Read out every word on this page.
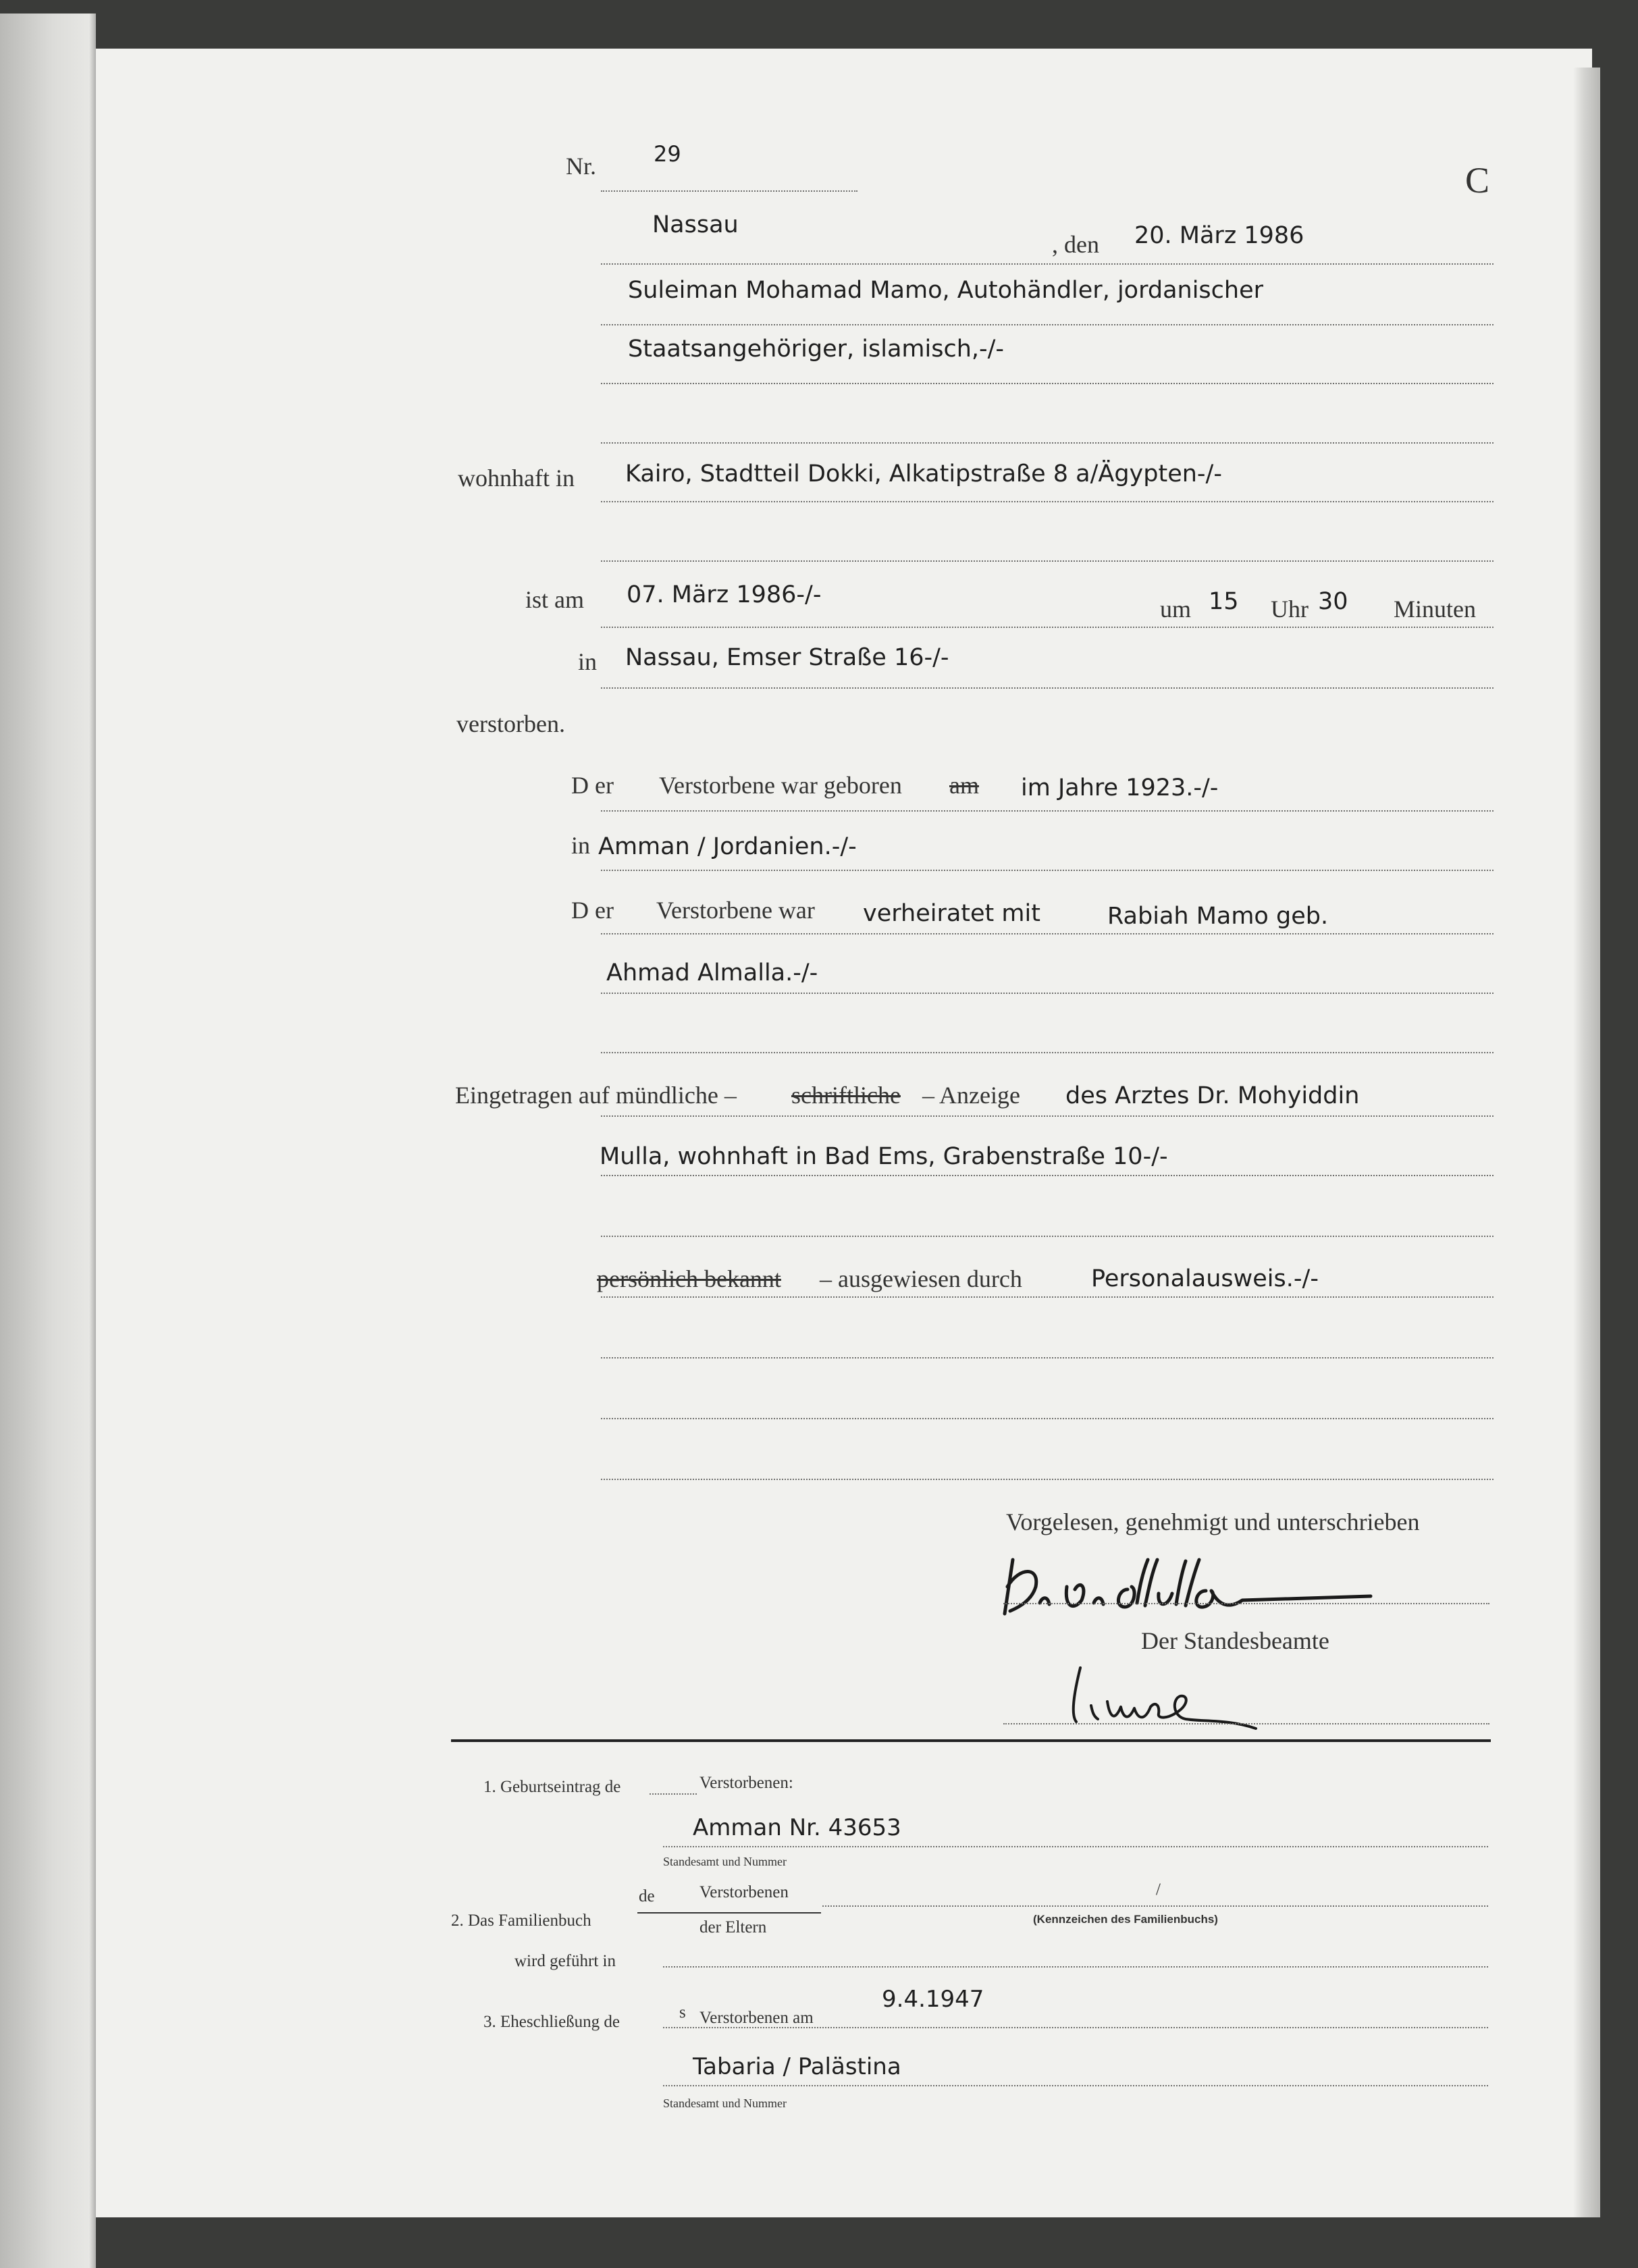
Nr.	29
C
Nassau
, den 20. März 1986
Suleiman Mohamad Mamo, Autohändler, jordanischer
Staatsangehöriger, islamisch,-/-
wohnhaft in Kairo, Stadtteil Dokki, Alkatipstraße 8 a/Ägypten-/-
ist am 07. März 1986-/-
um 15 Uhr 30 Minuten
in Nassau, Emser Straße 16-/-
verstorben.
D er Verstorbene war geboren am im Jahre 1923.-/-
in Amman / Jordanien.-/-
D er Verstorbene war verheiratet mit	Rabiah Mamo geb.
Ahmad Almalla.-/-
Eingetragen auf mündliche – schriftliche – Anzeige des Arztes Dr. Mohyiddin
Mulla, wohnhaft in Bad Ems, Grabenstraße 10-/-
persönlich bekannt – ausgewiesen durch	Personalausweis.-/-
Vorgelesen, genehmigt und unterschrieben
Der Standesbeamte
1. Geburtseintrag de	Verstorbenen:
Amman Nr. 43653
Standesamt und Nummer
de	Verstorbenen
2. Das Familienbuch	der Eltern
/
(Kennzeichen des Familienbuchs)
wird geführt in
3. Eheschließung de
s Verstorbenen am
9.4.1947
Tabaria / Palästina
Standesamt und Nummer
